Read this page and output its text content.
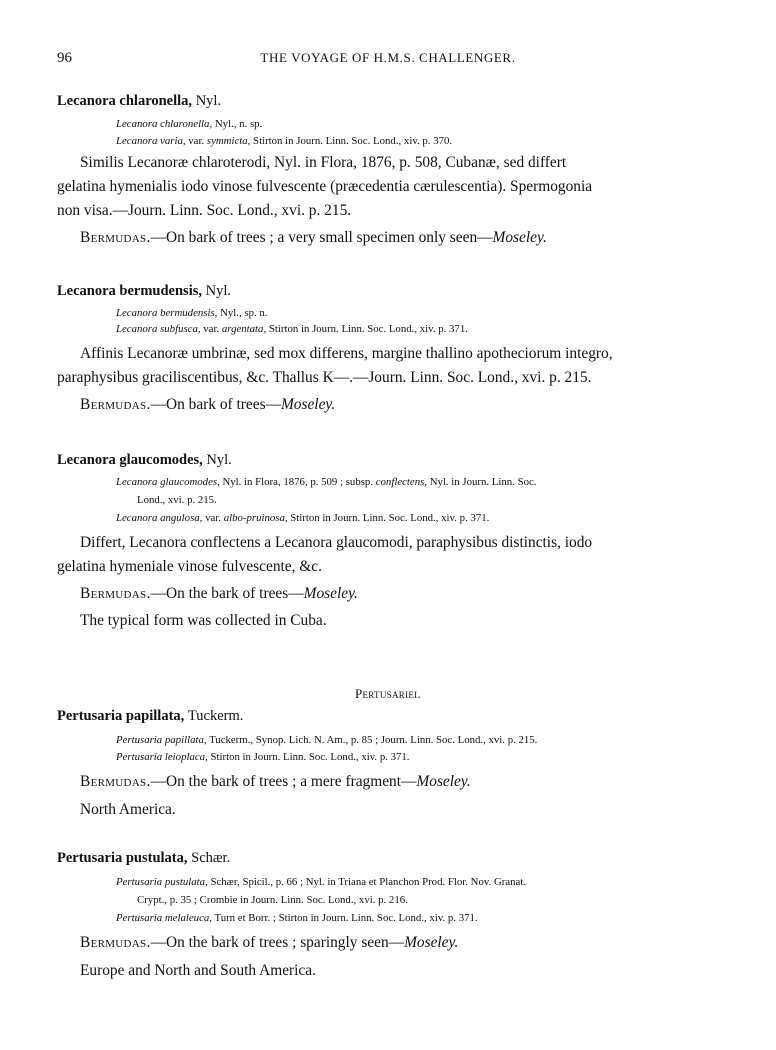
96	THE VOYAGE OF H.M.S. CHALLENGER.
Lecanora chlaronella, Nyl.
Lecanora chlaronella, Nyl., n. sp.
Lecanora varia, var. symmicta, Stirton in Journ. Linn. Soc. Lond., xiv. p. 370.
Similis Lecanoræ chlaroterodi, Nyl. in Flora, 1876, p. 508, Cubanæ, sed differt
gelatina hymenialis iodo vinose fulvescente (præcedentia cærulescentia). Spermogonia
non visa.—Journ. Linn. Soc. Lond., xvi. p. 215.
Bermudas.—On bark of trees ; a very small specimen only seen—Moseley.
Lecanora bermudensis, Nyl.
Lecanora bermudensis, Nyl., sp. n.
Lecanora subfusca, var. argentata, Stirton in Journ. Linn. Soc. Lond., xiv. p. 371.
Affinis Lecanoræ umbrinæ, sed mox differens, margine thallino apotheciorum integro,
paraphysibus graciliscentibus, &c. Thallus K—.—Journ. Linn. Soc. Lond., xvi. p. 215.
Bermudas.—On bark of trees—Moseley.
Lecanora glaucomodes, Nyl.
Lecanora glaucomodes, Nyl. in Flora, 1876, p. 509 ; subsp. conflectens, Nyl. in Journ. Linn. Soc.
Lond., xvi. p. 215.
Lecanora angulosa, var. albo-pruinosa, Stirton in Journ. Linn. Soc. Lond., xiv. p. 371.
Differt, Lecanora conflectens a Lecanora glaucomodi, paraphysibus distinctis, iodo
gelatina hymeniale vinose fulvescente, &c.
Bermudas.—On the bark of trees—Moseley.
The typical form was collected in Cuba.
Pertusariei.
Pertusaria papillata, Tuckerm.
Pertusaria papillata, Tuckerm., Synop. Lich. N. Am., p. 85 ; Journ. Linn. Soc. Lond., xvi. p. 215.
Pertusaria leioplaca, Stirton in Journ. Linn. Soc. Lond., xiv. p. 371.
Bermudas.—On the bark of trees ; a mere fragment—Moseley.
North America.
Pertusaria pustulata, Schær.
Pertusaria pustulata, Schær, Spicil., p. 66 ; Nyl. in Triana et Planchon Prod. Flor. Nov. Granat.
Crypt., p. 35 ; Crombie in Journ. Linn. Soc. Lond., xvi. p. 216.
Pertusaria melaleuca, Turn et Borr. ; Stirton in Journ. Linn. Soc. Lond., xiv. p. 371.
Bermudas.—On the bark of trees ; sparingly seen—Moseley.
Europe and North and South America.
